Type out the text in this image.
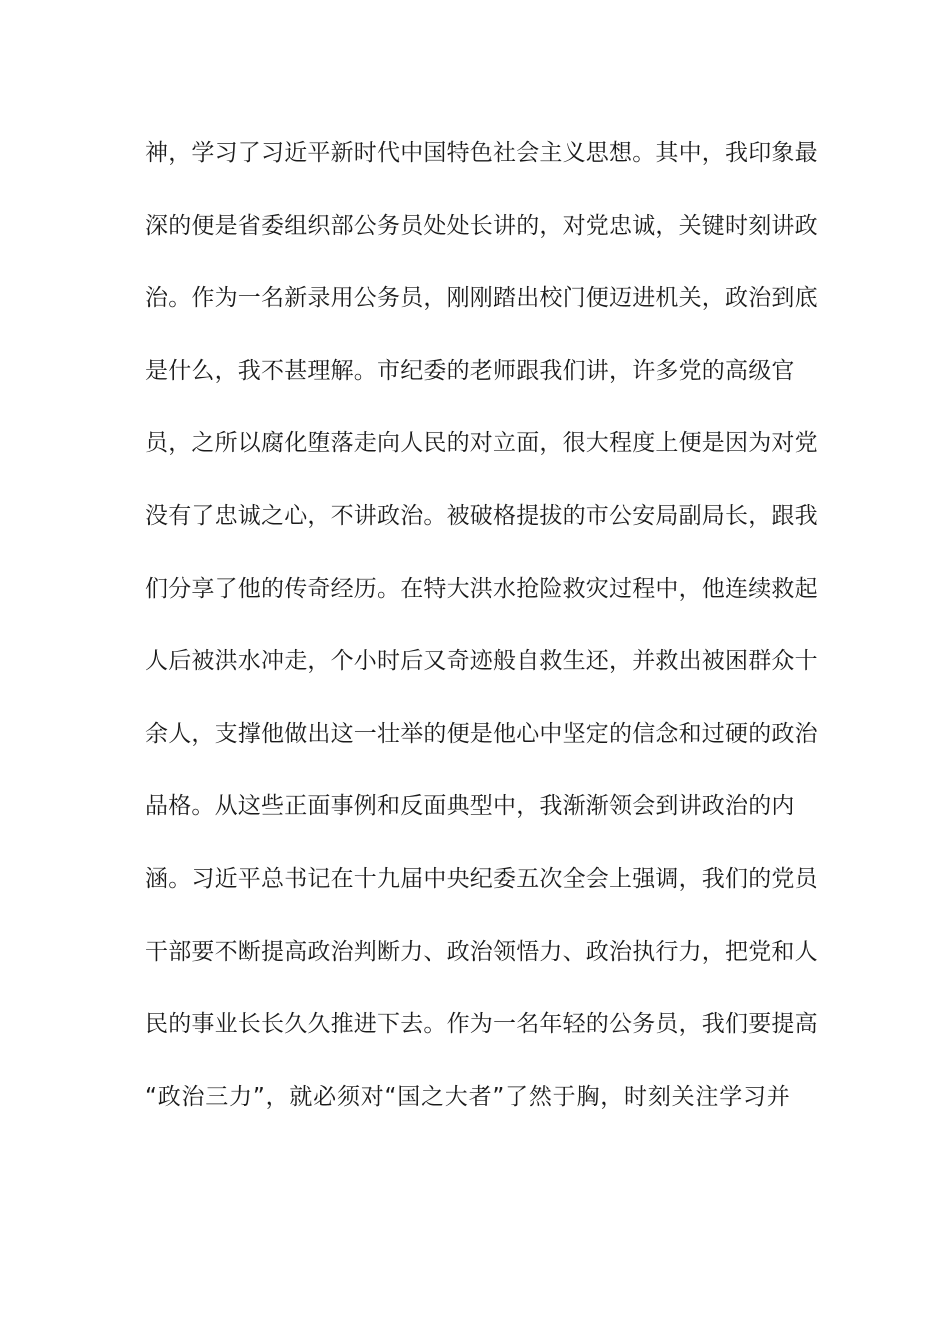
神，学习了习近平新时代中国特色社会主义思想。其中，我印象最
深的便是省委组织部公务员处处长讲的，对党忠诚，关键时刻讲政
治。作为一名新录用公务员，刚刚踏出校门便迈进机关，政治到底
是什么，我不甚理解。市纪委的老师跟我们讲，许多党的高级官
员，之所以腐化堕落走向人民的对立面，很大程度上便是因为对党
没有了忠诚之心，不讲政治。被破格提拔的市公安局副局长，跟我
们分享了他的传奇经历。在特大洪水抢险救灾过程中，他连续救起
人后被洪水冲走，个小时后又奇迹般自救生还，并救出被困群众十
余人，支撑他做出这一壮举的便是他心中坚定的信念和过硬的政治
品格。从这些正面事例和反面典型中，我渐渐领会到讲政治的内
涵。习近平总书记在十九届中央纪委五次全会上强调，我们的党员
干部要不断提高政治判断力、政治领悟力、政治执行力，把党和人
民的事业长长久久推进下去。作为一名年轻的公务员，我们要提高
“政治三力”，就必须对“国之大者”了然于胸，时刻关注学习并
